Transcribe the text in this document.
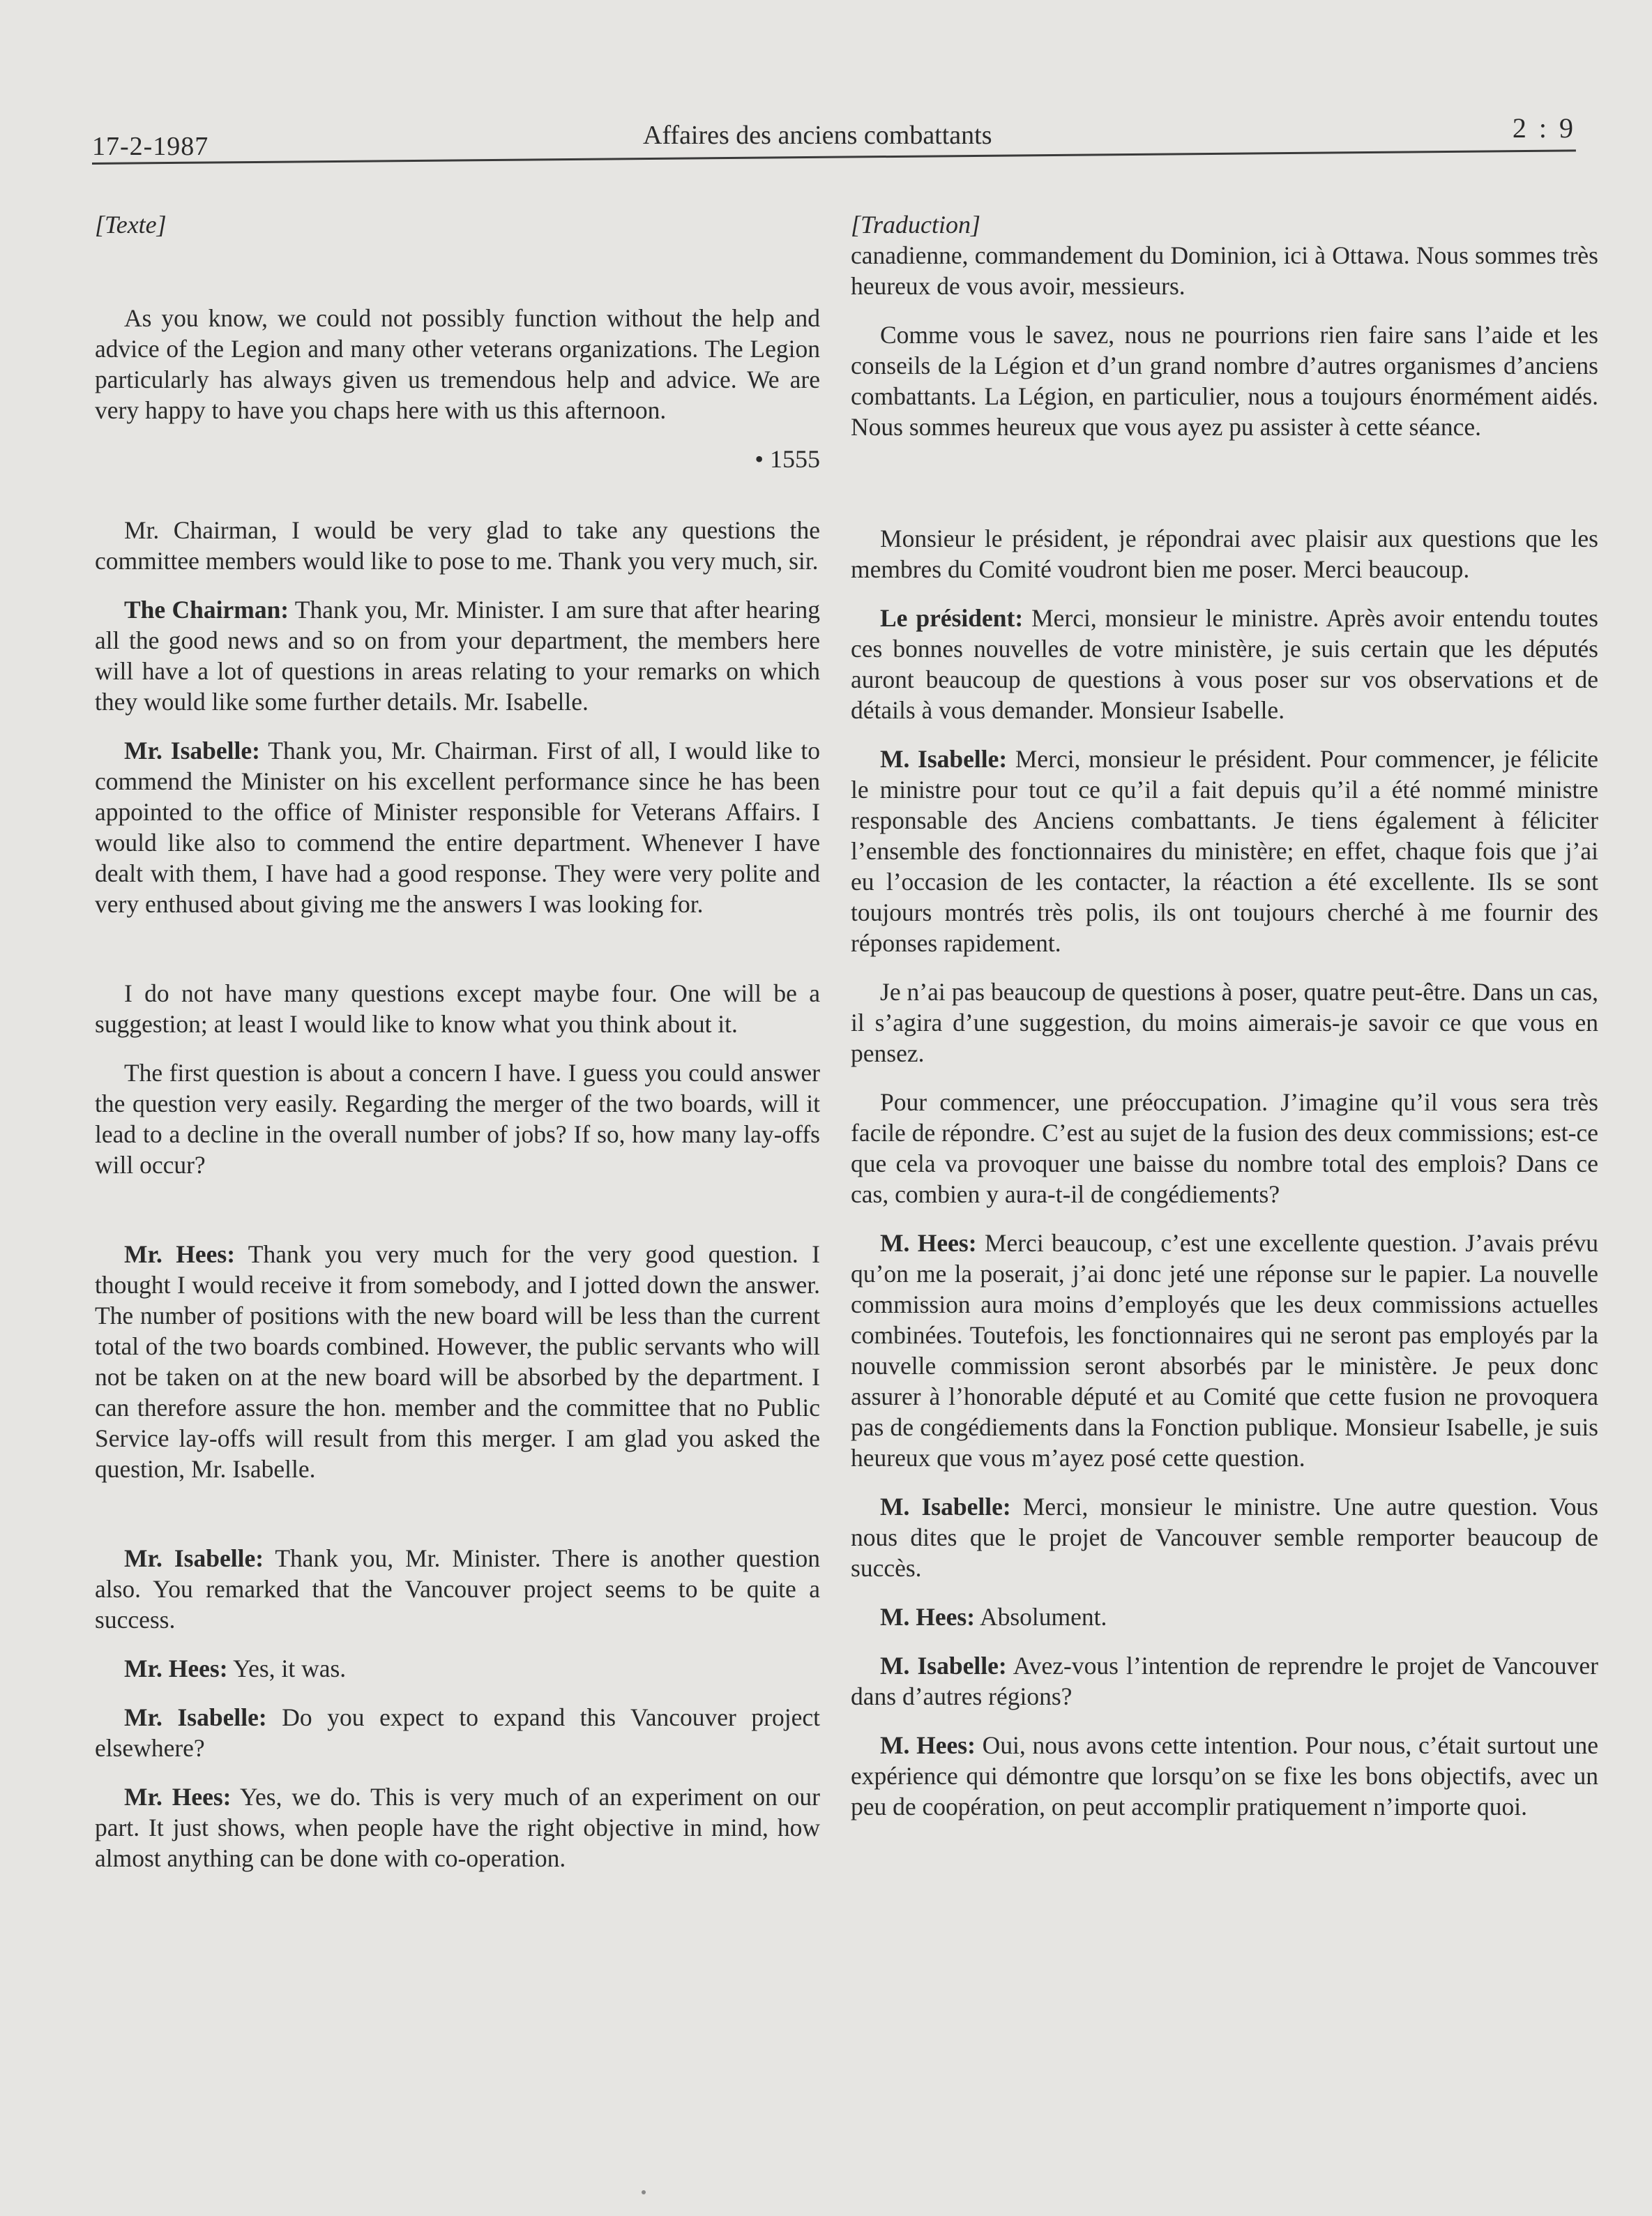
17-2-1987	Affaires des anciens combattants	2 : 9

[Texte]

As you know, we could not possibly function without the help and advice of the Legion and many other veterans organizations. The Legion particularly has always given us tremendous help and advice. We are very happy to have you chaps here with us this afternoon.

• 1555

Mr. Chairman, I would be very glad to take any questions the committee members would like to pose to me. Thank you very much, sir.

The Chairman: Thank you, Mr. Minister. I am sure that after hearing all the good news and so on from your department, the members here will have a lot of questions in areas relating to your remarks on which they would like some further details. Mr. Isabelle.

Mr. Isabelle: Thank you, Mr. Chairman. First of all, I would like to commend the Minister on his excellent performance since he has been appointed to the office of Minister responsible for Veterans Affairs. I would like also to commend the entire department. Whenever I have dealt with them, I have had a good response. They were very polite and very enthused about giving me the answers I was looking for.

I do not have many questions except maybe four. One will be a suggestion; at least I would like to know what you think about it.

The first question is about a concern I have. I guess you could answer the question very easily. Regarding the merger of the two boards, will it lead to a decline in the overall number of jobs? If so, how many lay-offs will occur?

Mr. Hees: Thank you very much for the very good question. I thought I would receive it from somebody, and I jotted down the answer. The number of positions with the new board will be less than the current total of the two boards combined. However, the public servants who will not be taken on at the new board will be absorbed by the department. I can therefore assure the hon. member and the committee that no Public Service lay-offs will result from this merger. I am glad you asked the question, Mr. Isabelle.

Mr. Isabelle: Thank you, Mr. Minister. There is another question also. You remarked that the Vancouver project seems to be quite a success.

Mr. Hees: Yes, it was.

Mr. Isabelle: Do you expect to expand this Vancouver project elsewhere?

Mr. Hees: Yes, we do. This is very much of an experiment on our part. It just shows, when people have the right objective in mind, how almost anything can be done with co-operation.

[Traduction]

canadienne, commandement du Dominion, ici à Ottawa. Nous sommes très heureux de vous avoir, messieurs.

Comme vous le savez, nous ne pourrions rien faire sans l’aide et les conseils de la Légion et d’un grand nombre d’autres organismes d’anciens combattants. La Légion, en particulier, nous a toujours énormément aidés. Nous sommes heureux que vous ayez pu assister à cette séance.

Monsieur le président, je répondrai avec plaisir aux questions que les membres du Comité voudront bien me poser. Merci beaucoup.

Le président: Merci, monsieur le ministre. Après avoir entendu toutes ces bonnes nouvelles de votre ministère, je suis certain que les députés auront beaucoup de questions à vous poser sur vos observations et de détails à vous demander. Monsieur Isabelle.

M. Isabelle: Merci, monsieur le président. Pour commencer, je félicite le ministre pour tout ce qu’il a fait depuis qu’il a été nommé ministre responsable des Anciens combattants. Je tiens également à féliciter l’ensemble des fonctionnaires du ministère; en effet, chaque fois que j’ai eu l’occasion de les contacter, la réaction a été excellente. Ils se sont toujours montrés très polis, ils ont toujours cherché à me fournir des réponses rapidement.

Je n’ai pas beaucoup de questions à poser, quatre peut-être. Dans un cas, il s’agira d’une suggestion, du moins aimerais-je savoir ce que vous en pensez.

Pour commencer, une préoccupation. J’imagine qu’il vous sera très facile de répondre. C’est au sujet de la fusion des deux commissions; est-ce que cela va provoquer une baisse du nombre total des emplois? Dans ce cas, combien y aura-t-il de congédiements?

M. Hees: Merci beaucoup, c’est une excellente question. J’avais prévu qu’on me la poserait, j’ai donc jeté une réponse sur le papier. La nouvelle commission aura moins d’employés que les deux commissions actuelles combinées. Toutefois, les fonctionnaires qui ne seront pas employés par la nouvelle commission seront absorbés par le ministère. Je peux donc assurer à l’honorable député et au Comité que cette fusion ne provoquera pas de congédiements dans la Fonction publique. Monsieur Isabelle, je suis heureux que vous m’ayez posé cette question.

M. Isabelle: Merci, monsieur le ministre. Une autre question. Vous nous dites que le projet de Vancouver semble remporter beaucoup de succès.

M. Hees: Absolument.

M. Isabelle: Avez-vous l’intention de reprendre le projet de Vancouver dans d’autres régions?

M. Hees: Oui, nous avons cette intention. Pour nous, c’était surtout une expérience qui démontre que lorsqu’on se fixe les bons objectifs, avec un peu de coopération, on peut accomplir pratiquement n’importe quoi.
